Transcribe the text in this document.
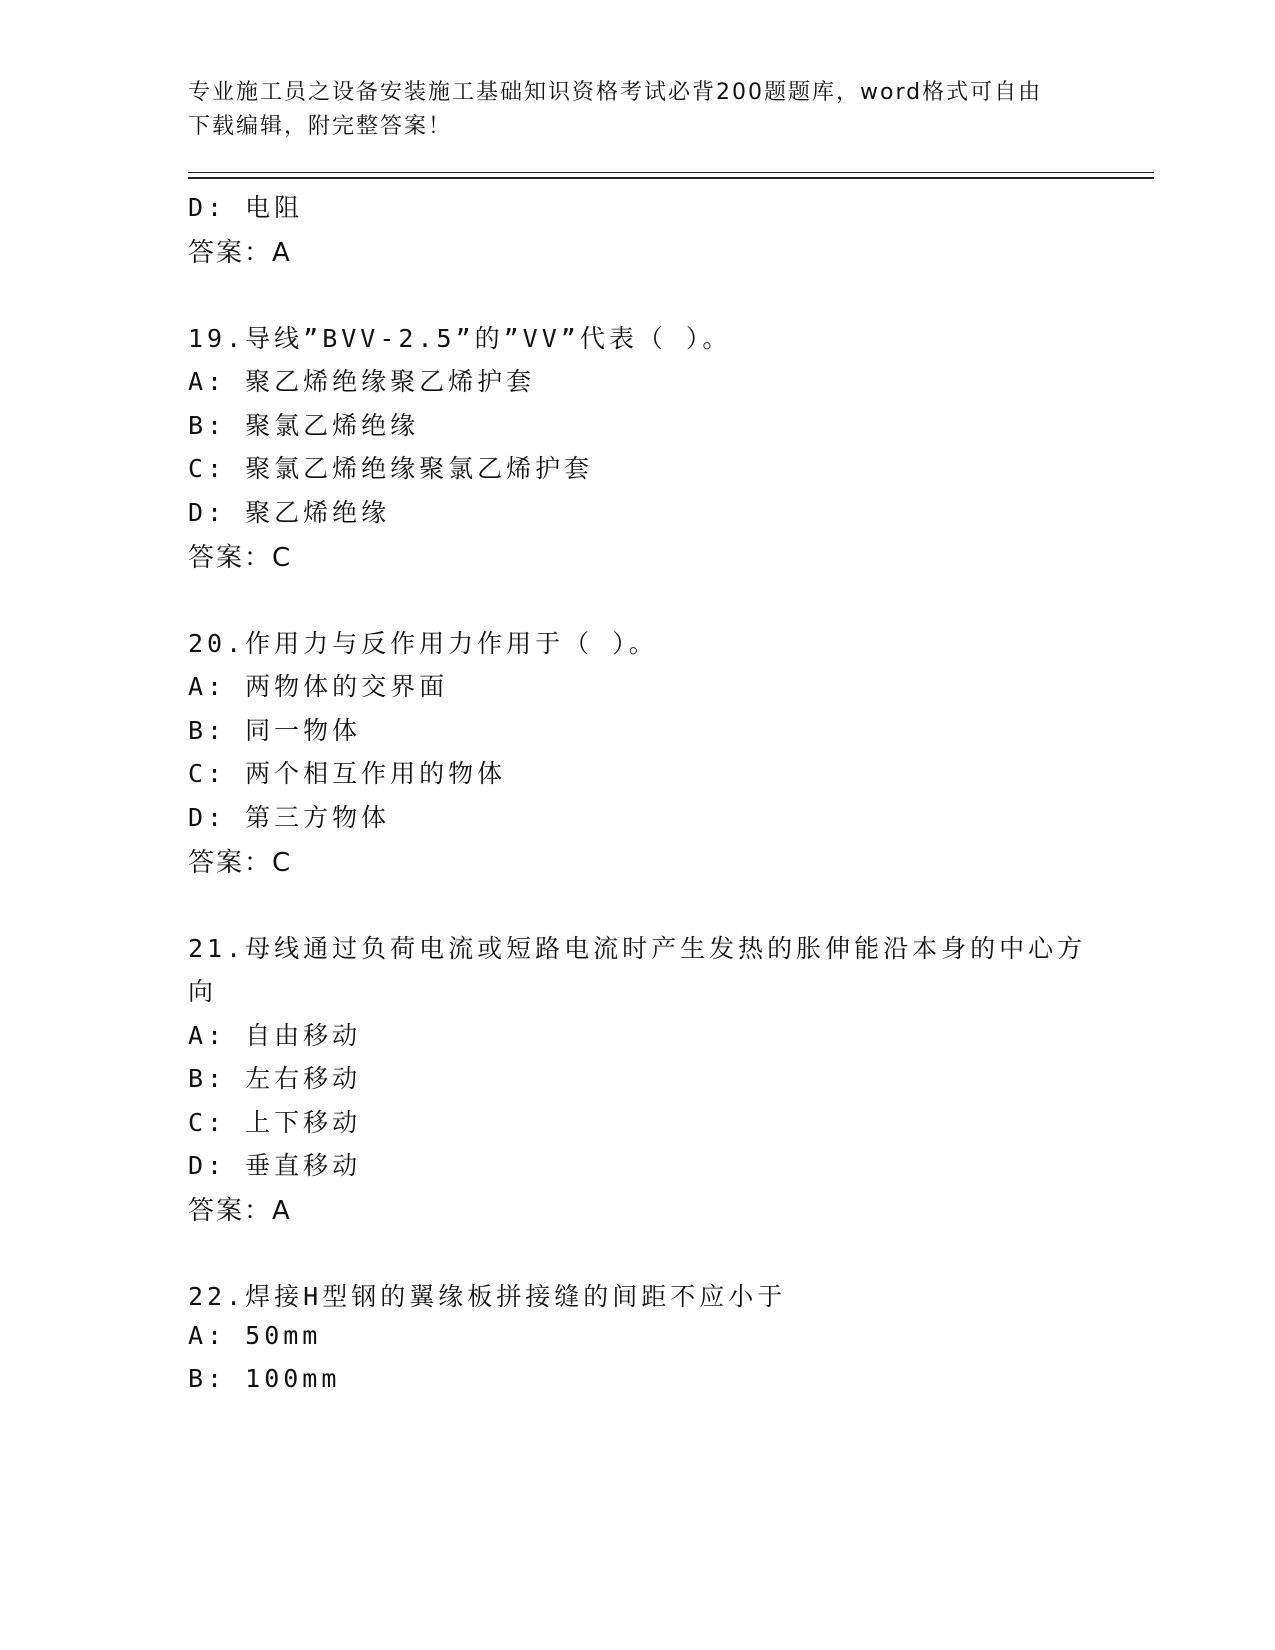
专业施工员之设备安装施工基础知识资格考试必背200题题库，word格式可自由
下载编辑，附完整答案！
D: 电阻
答案：A
19.导线”BVV-2.5”的”VV”代表（ ）。
A: 聚乙烯绝缘聚乙烯护套
B: 聚氯乙烯绝缘
C: 聚氯乙烯绝缘聚氯乙烯护套
D: 聚乙烯绝缘
答案：C
20.作用力与反作用力作用于（ ）。
A: 两物体的交界面
B: 同一物体
C: 两个相互作用的物体
D: 第三方物体
答案：C
21.母线通过负荷电流或短路电流时产生发热的胀伸能沿本身的中心方
向
A: 自由移动
B: 左右移动
C: 上下移动
D: 垂直移动
答案：A
22.焊接H型钢的翼缘板拼接缝的间距不应小于
A: 50mm
B: 100mm
